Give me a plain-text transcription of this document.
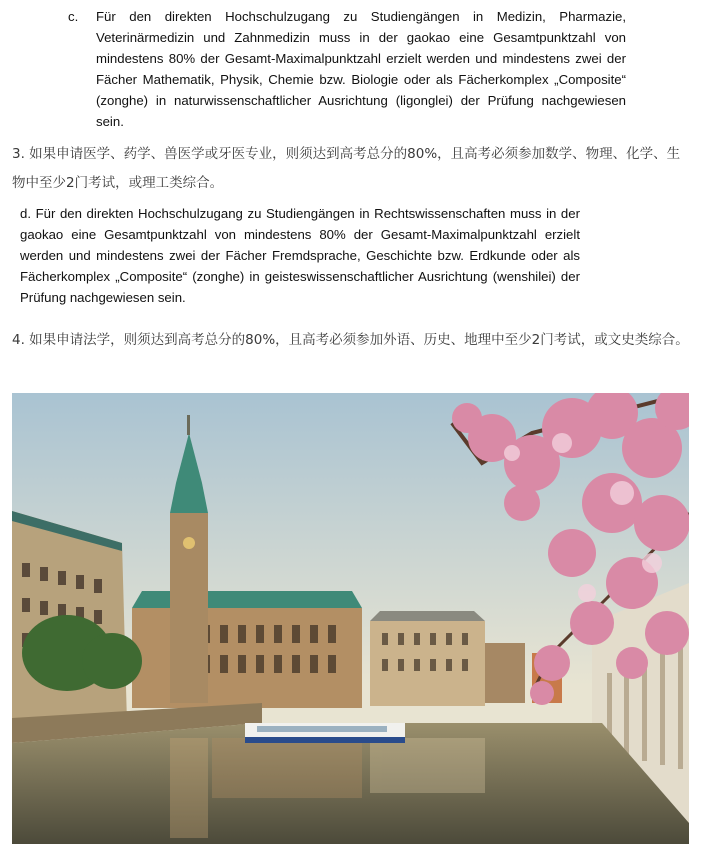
c. Für den direkten Hochschulzugang zu Studiengängen in Medizin, Pharmazie, Veterinärmedizin und Zahnmedizin muss in der gaokao eine Gesamtpunktzahl von mindestens 80% der Gesamt-Maximalpunktzahl erzielt werden und mindestens zwei der Fächer Mathematik, Physik, Chemie bzw. Biologie oder als Fächerkomplex „Composite“ (zonghe) in naturwissenschaftlicher Ausrichtung (ligonglei) der Prüfung nachgewiesen sein.
3. 如果申请医学、药学、兽医学或牙医专业，则须达到高考总分的80%，且高考必须参加数学、物理、化学、生物中至少2门考试，或理工类综合。
d. Für den direkten Hochschulzugang zu Studiengängen in Rechtswissenschaften muss in der gaokao eine Gesamtpunktzahl von mindestens 80% der Gesamt-Maximalpunktzahl erzielt werden und mindestens zwei der Fächer Fremdsprache, Geschichte bzw. Erdkunde oder als Fächerkomplex „Composite“ (zonghe) in geisteswissenschaftlicher Ausrichtung (wenshilei) der Prüfung nachgewiesen sein.
4. 如果申请法学，则须达到高考总分的80%，且高考必须参加外语、历史、地理中至少2门考试，或文史类综合。
